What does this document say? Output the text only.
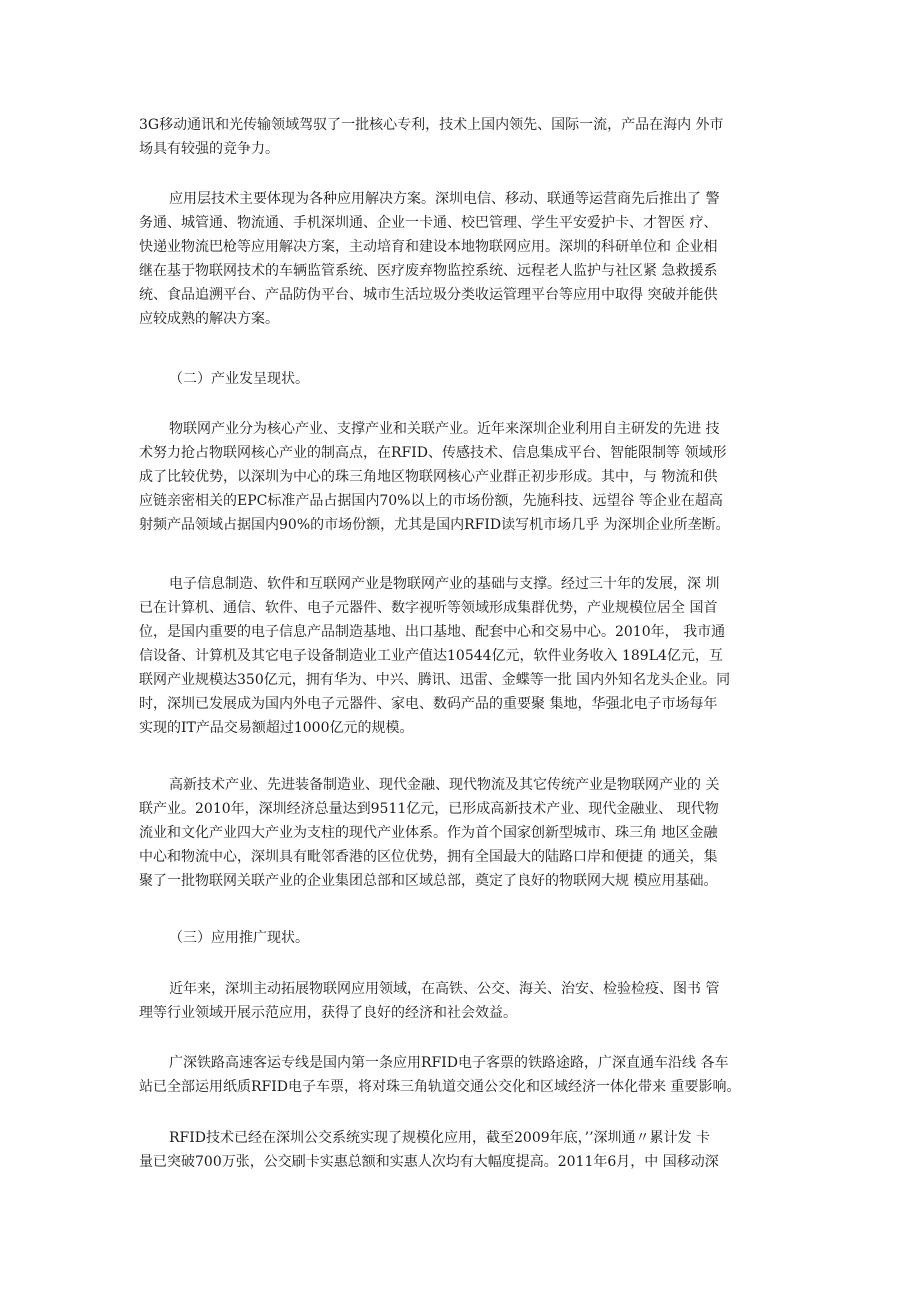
3G移动通讯和光传输领域驾驭了一批核心专利，技术上国内领先、国际一流，产品在海内 外市
场具有较强的竞争力。
应用层技术主要体现为各种应用解决方案。深圳电信、移动、联通等运营商先后推出了 警
务通、城管通、物流通、手机深圳通、企业一卡通、校巴管理、学生平安爱护卡、才智医 疗、
快递业物流巴枪等应用解决方案，主动培育和建设本地物联网应用。深圳的科研单位和 企业相
继在基于物联网技术的车辆监管系统、医疗废弃物监控系统、远程老人监护与社区紧 急救援系
统、食品追溯平台、产品防伪平台、城市生活垃圾分类收运管理平台等应用中取得 突破并能供
应较成熟的解决方案。
（二）产业发呈现状。
物联网产业分为核心产业、支撑产业和关联产业。近年来深圳企业利用自主研发的先进 技
术努力抢占物联网核心产业的制高点，在RFID、传感技术、信息集成平台、智能限制等 领域形
成了比较优势，以深圳为中心的珠三角地区物联网核心产业群正初步形成。其中，与 物流和供
应链亲密相关的EPC标准产品占据国内70%以上的市场份额，先施科技、远望谷 等企业在超高
射频产品领域占据国内90%的市场份额，尤其是国内RFID读写机市场几乎 为深圳企业所垄断。
电子信息制造、软件和互联网产业是物联网产业的基础与支撑。经过三十年的发展，深 圳
已在计算机、通信、软件、电子元器件、数字视听等领域形成集群优势，产业规模位居全 国首
位，是国内重要的电子信息产品制造基地、出口基地、配套中心和交易中心。2010年， 我市通
信设备、计算机及其它电子设备制造业工业产值达10544亿元，软件业务收入 189L4亿元，互
联网产业规模达350亿元，拥有华为、中兴、腾讯、迅雷、金蝶等一批 国内外知名龙头企业。同
时，深圳已发展成为国内外电子元器件、家电、数码产品的重要聚 集地，华强北电子市场每年
实现的IT产品交易额超过1000亿元的规模。
高新技术产业、先进装备制造业、现代金融、现代物流及其它传统产业是物联网产业的 关
联产业。2010年，深圳经济总量达到9511亿元，已形成高新技术产业、现代金融业、 现代物
流业和文化产业四大产业为支柱的现代产业体系。作为首个国家创新型城市、珠三角 地区金融
中心和物流中心，深圳具有毗邻香港的区位优势，拥有全国最大的陆路口岸和便捷 的通关，集
聚了一批物联网关联产业的企业集团总部和区域总部，奠定了良好的物联网大规 模应用基础。
（三）应用推广现状。
近年来，深圳主动拓展物联网应用领域，在高铁、公交、海关、治安、检验检疫、图书 管
理等行业领域开展示范应用，获得了良好的经济和社会效益。
广深铁路高速客运专线是国内第一条应用RFID电子客票的铁路途路，广深直通车沿线 各车
站已全部运用纸质RFID电子车票，将对珠三角轨道交通公交化和区域经济一体化带来 重要影响。
RFID技术已经在深圳公交系统实现了规模化应用，截至2009年底，’’深圳通〃累计发 卡
量已突破700万张，公交刷卡实惠总额和实惠人次均有大幅度提高。2011年6月，中 国移动深
